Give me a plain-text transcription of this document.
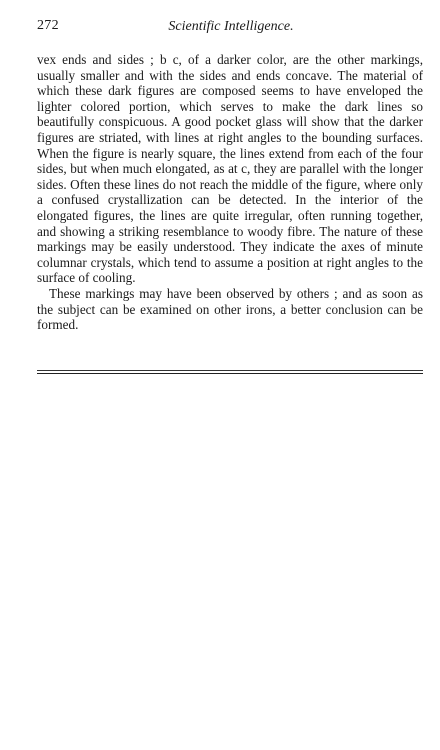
272	Scientific Intelligence.

vex ends and sides ; b c, of a darker color, are the other markings, usually smaller and with the sides and ends concave. The material of which these dark figures are composed seems to have enveloped the lighter colored portion, which serves to make the dark lines so beautifully conspicuous. A good pocket glass will show that the darker figures are striated, with lines at right angles to the bounding surfaces. When the figure is nearly square, the lines extend from each of the four sides, but when much elongated, as at c, they are parallel with the longer sides. Often these lines do not reach the middle of the figure, where only a confused crystallization can be detected. In the interior of the elongated figures, the lines are quite irregular, often running together, and showing a striking resemblance to woody fibre. The nature of these markings may be easily understood. They indicate the axes of minute columnar crystals, which tend to assume a position at right angles to the surface of cooling.

These markings may have been observed by others ; and as soon as the subject can be examined on other irons, a better conclusion can be formed.
